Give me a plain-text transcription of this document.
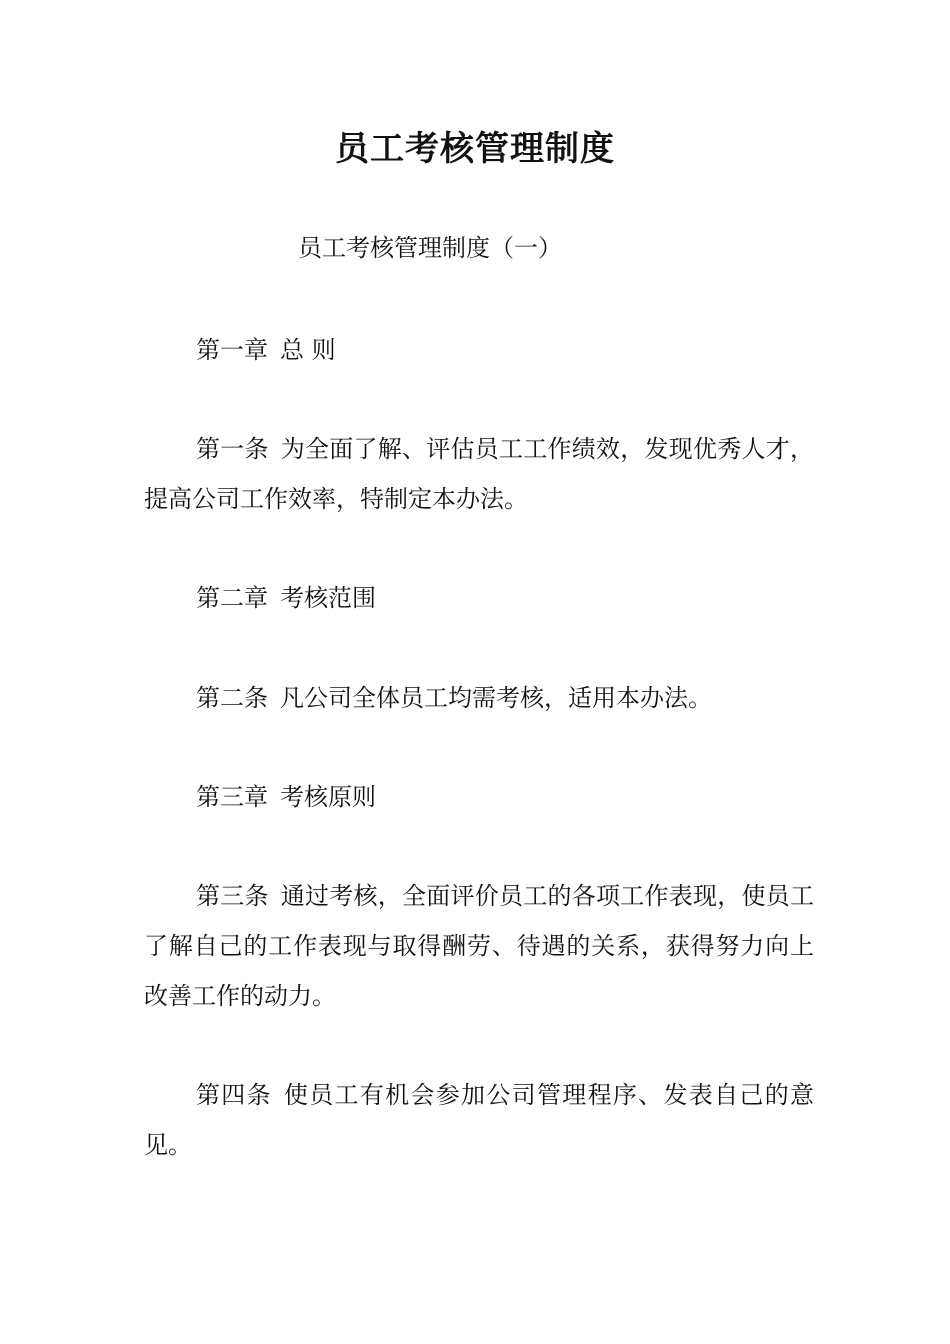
员工考核管理制度
员工考核管理制度（一）

第一章 总 则

第一条 为全面了解、评估员工工作绩效，发现优秀人才，提高公司工作效率，特制定本办法。

第二章 考核范围

第二条 凡公司全体员工均需考核，适用本办法。

第三章 考核原则

第三条 通过考核，全面评价员工的各项工作表现，使员工了解自己的工作表现与取得酬劳、待遇的关系，获得努力向上改善工作的动力。

第四条 使员工有机会参加公司管理程序、发表自己的意见。
